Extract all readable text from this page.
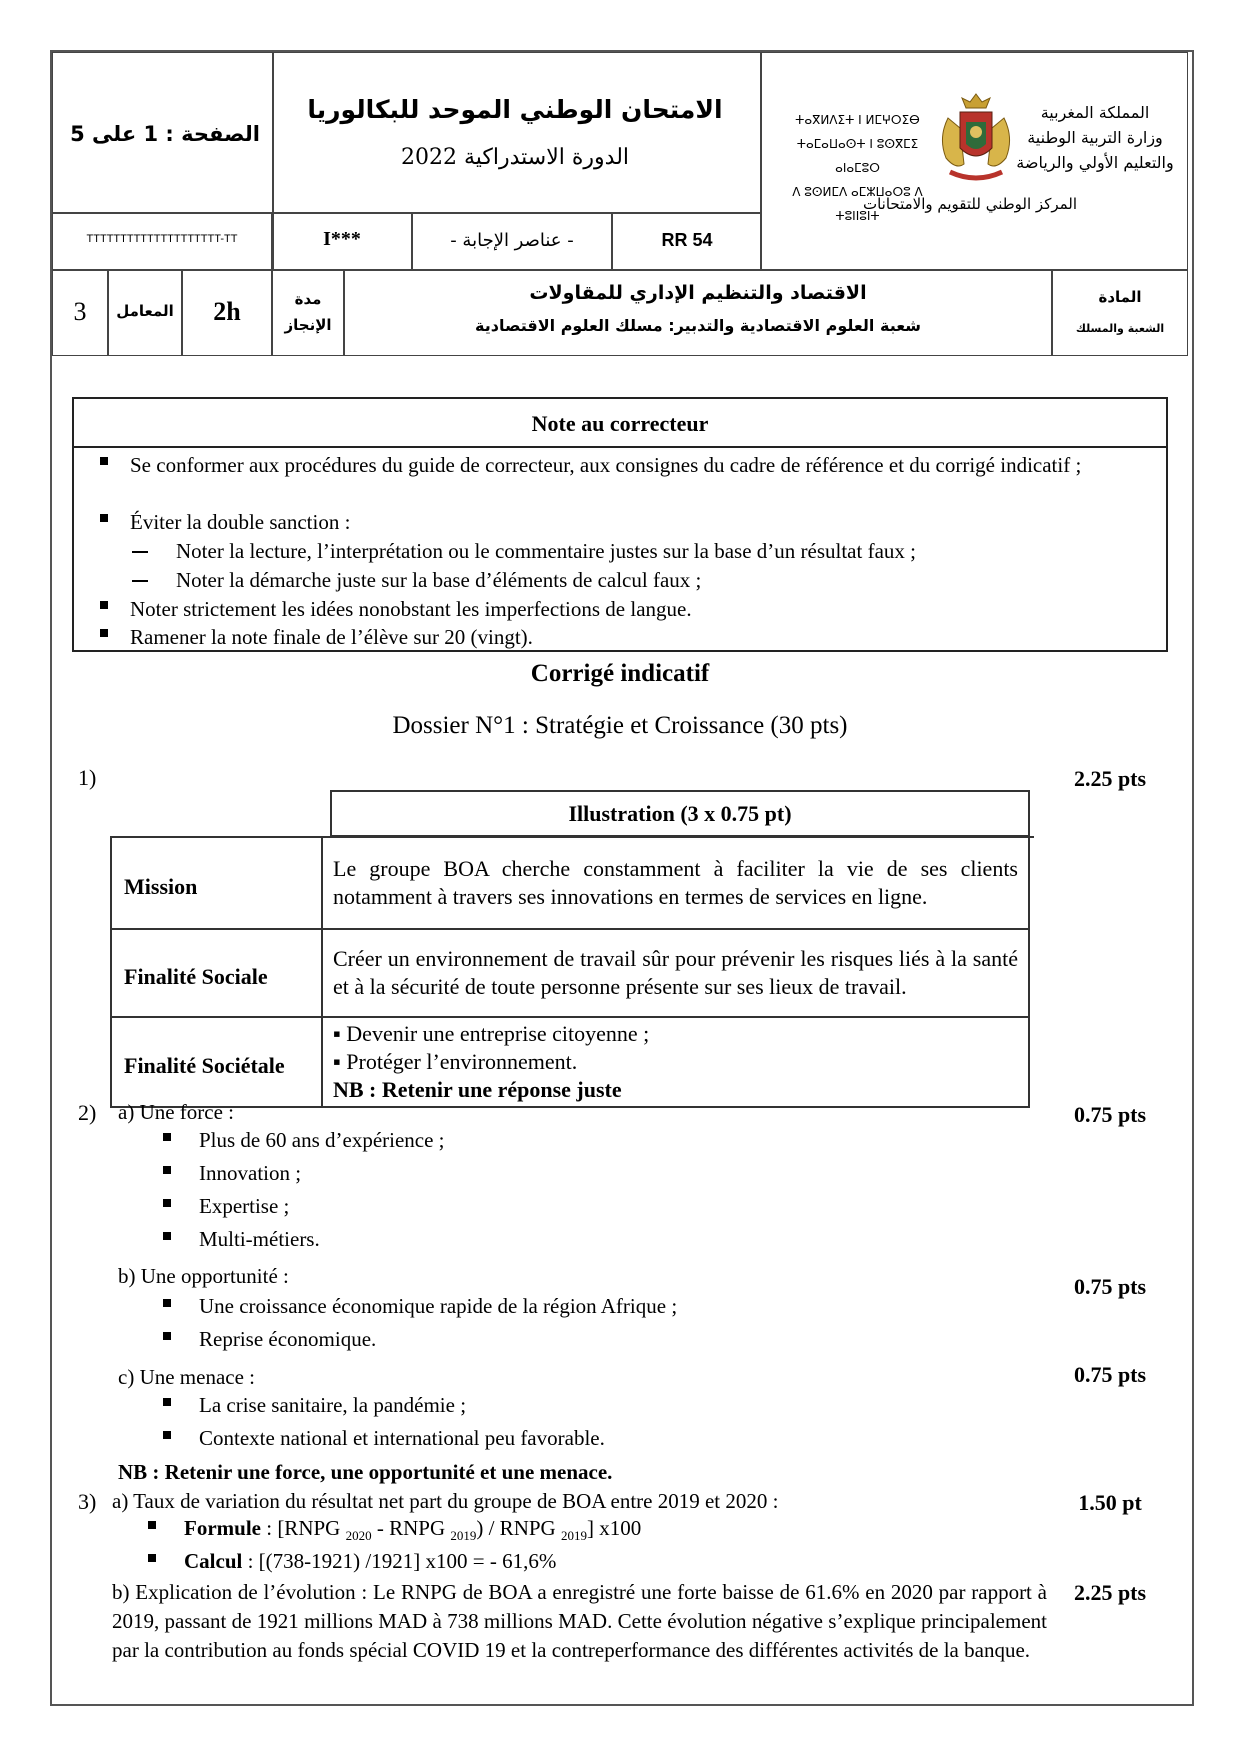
الصفحة : 1 على 5
الامتحان الوطني الموحد للبكالوريا
الدورة الاستدراكية 2022
المملكة المغربية
وزارة التربية الوطنية
والتعليم الأولي والرياضة
المركز الوطني للتقويم والامتحانات
ⵜⴰⴳⵍⴷⵉⵜ ⵏ ⵍⵎⵖⵔⵉⴱ
ⵜⴰⵎⴰⵡⴰⵙⵜ ⵏ ⵓⵙⴳⵎⵉ ⴰⵏⴰⵎⵓⵔ
ⴷ ⵓⵙⵍⵎⴷ ⴰⵎⵣⵡⴰⵔⵓ ⴷ ⵜⵓⵏⵏⵓⵏⵜ
TTTTTTTTTTTTTTTTTTTT-TT	I***	- عناصر الإجابة -	RR 54
3	المعامل	2h	مدة
الإنجاز
الاقتصاد والتنظيم الإداري للمقاولات
شعبة العلوم الاقتصادية والتدبير: مسلك العلوم الاقتصادية
المادة
الشعبة والمسلك
Note au correcteur
Se conformer aux procédures du guide de correcteur, aux consignes du cadre de référence et du corrigé indicatif ;
Éviter la double sanction :
Noter la lecture, l’interprétation ou le commentaire justes sur la base d’un résultat faux ;
Noter la démarche juste sur la base d’éléments de calcul faux ;
Noter strictement les idées nonobstant les imperfections de langue.
Ramener la note finale de l’élève sur 20 (vingt).
Corrigé indicatif
Dossier N°1 : Stratégie et Croissance (30 pts)
1)	2.25 pts
Illustration (3 x 0.75 pt)
Mission	Le groupe BOA cherche constamment à faciliter la vie de ses clients notamment à travers ses innovations en termes de services en ligne.
Finalité Sociale	Créer un environnement de travail sûr pour prévenir les risques liés à la santé et à la sécurité de toute personne présente sur ses lieux de travail.
Finalité Sociétale	▪ Devenir une entreprise citoyenne ;
▪ Protéger l’environnement.
NB : Retenir une réponse juste
2) a) Une force :	0.75 pts
Plus de 60 ans d’expérience ;
Innovation ;
Expertise ;
Multi-métiers.
b) Une opportunité :	0.75 pts
Une croissance économique rapide de la région Afrique ;
Reprise économique.
c) Une menace :	0.75 pts
La crise sanitaire, la pandémie ;
Contexte national et international peu favorable.
NB : Retenir une force, une opportunité et une menace.
3) a) Taux de variation du résultat net part du groupe de BOA entre 2019 et 2020 :	1.50 pt
Formule : [RNPG $_{2020}$ - RNPG $_{2019}$) / RNPG $_{2019}$] x100
Calcul : [(738-1921) /1921] x100 = - 61,6%
b) Explication de l’évolution : Le RNPG de BOA a enregistré une forte baisse de 61.6% en 2020 par rapport à 2019, passant de 1921 millions MAD à 738 millions MAD. Cette évolution négative s’explique principalement par la contribution au fonds spécial COVID 19 et la contreperformance des différentes activités de la banque.
2.25 pts
